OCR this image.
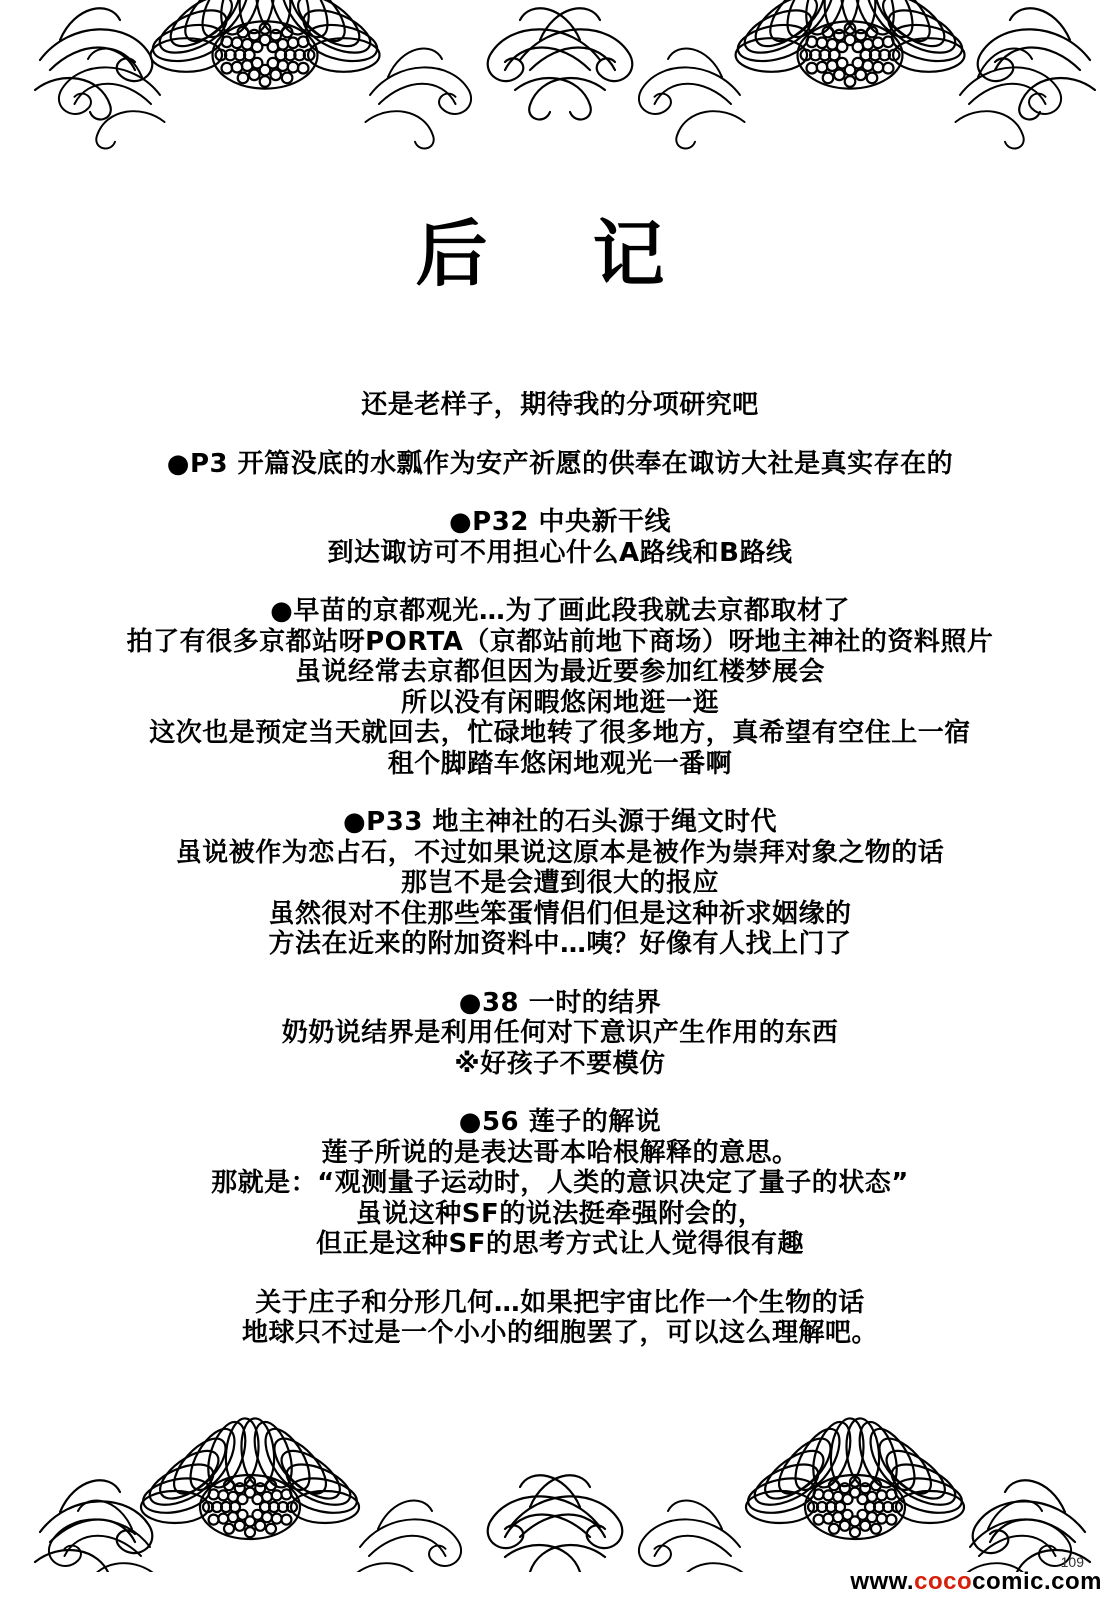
后 记
还是老样子，期待我的分项研究吧
●P3 开篇没底的水瓢作为安产祈愿的供奉在诹访大社是真实存在的
●P32 中央新干线
到达诹访可不用担心什么A路线和B路线
●早苗的京都观光…为了画此段我就去京都取材了
拍了有很多京都站呀PORTA（京都站前地下商场）呀地主神社的资料照片
虽说经常去京都但因为最近要参加红楼梦展会
所以没有闲暇悠闲地逛一逛
这次也是预定当天就回去，忙碌地转了很多地方，真希望有空住上一宿
租个脚踏车悠闲地观光一番啊
●P33 地主神社的石头源于绳文时代
虽说被作为恋占石，不过如果说这原本是被作为崇拜对象之物的话
那岂不是会遭到很大的报应
虽然很对不住那些笨蛋情侣们但是这种祈求姻缘的
方法在近来的附加资料中…咦？好像有人找上门了
●38 一时的结界
奶奶说结界是利用任何对下意识产生作用的东西
※好孩子不要模仿
●56 莲子的解说
莲子所说的是表达哥本哈根解释的意思。
那就是：“观测量子运动时，人类的意识决定了量子的状态”
虽说这种SF的说法挺牵强附会的，
但正是这种SF的思考方式让人觉得很有趣
关于庄子和分形几何…如果把宇宙比作一个生物的话
地球只不过是一个小小的细胞罢了，可以这么理解吧。
109
www.cococomic.com
